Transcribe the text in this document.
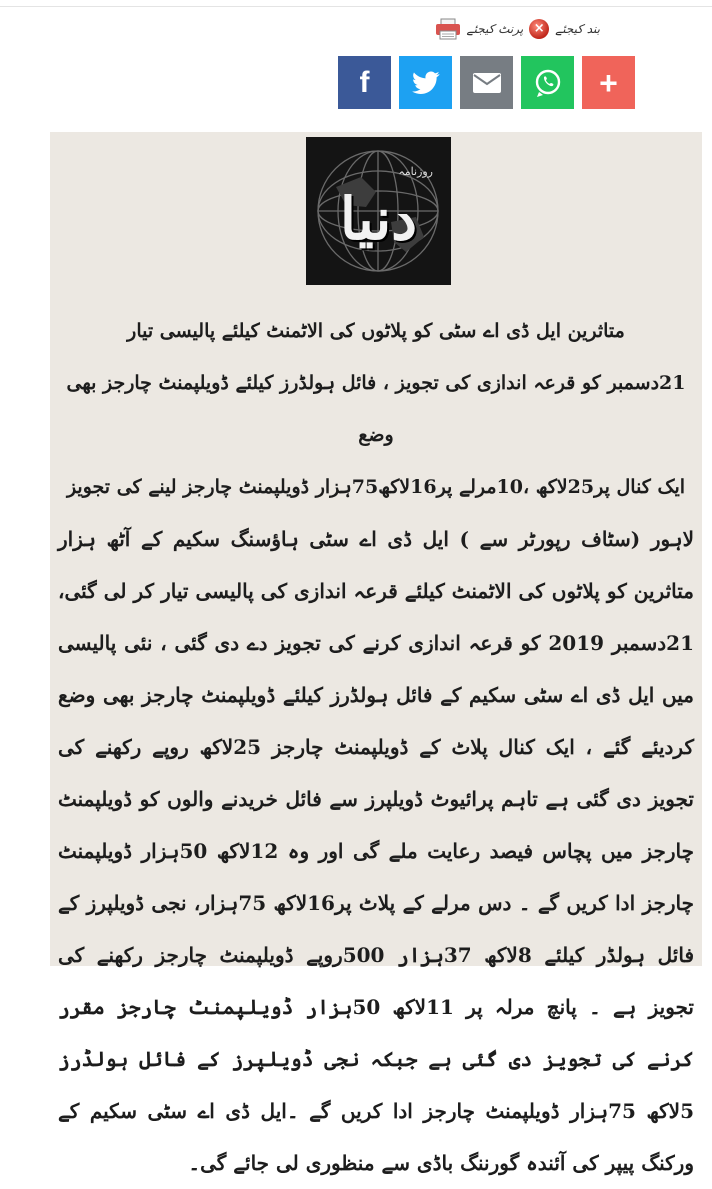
بند کیجئے
×
پرنٹ کیجئے
f	+
روزنامہ
دنیا
متاثرین ایل ڈی اے سٹی کو پلاٹوں کی الاٹمنٹ کیلئے پالیسی تیار
21دسمبر کو قرعہ اندازی کی تجویز ، فائل ہولڈرز کیلئے ڈویلپمنٹ چارجز بھی وضع
ایک کنال پر25لاکھ ،10مرلے پر16لاکھ75ہزار ڈویلپمنٹ چارجز لینے کی تجویز
لاہور (سٹاف رپورٹر سے ) ایل ڈی اے سٹی ہاؤسنگ سکیم کے آٹھ ہزار متاثرین کو پلاٹوں کی الاٹمنٹ کیلئے قرعہ اندازی کی پالیسی تیار کر لی گئی، 21دسمبر 2019 کو قرعہ اندازی کرنے کی تجویز دے دی گئی ، نئی پالیسی میں ایل ڈی اے سٹی سکیم کے فائل ہولڈرز کیلئے ڈویلپمنٹ چارجز بھی وضع کردیئے گئے ، ایک کنال پلاٹ کے ڈویلپمنٹ چارجز 25لاکھ روپے رکھنے کی تجویز دی گئی ہے تاہم پرائیوٹ ڈویلپرز سے فائل خریدنے والوں کو ڈویلپمنٹ چارجز میں پچاس فیصد رعایت ملے گی اور وہ 12لاکھ 50ہزار ڈویلپمنٹ چارجز ادا کریں گے ۔ دس مرلے کے پلاٹ پر16لاکھ 75ہزار، نجی ڈویلپرز کے فائل ہولڈر کیلئے 8لاکھ 37ہزار 500روپے ڈویلپمنٹ چارجز رکھنے کی تجویز ہے ۔ پانچ مرلہ پر 11لاکھ 50ہزار ڈویلپمنٹ چارجز مقرر کرنے کی تجویز دی گئی ہے جبکہ نجی ڈویلپرز کے فائل ہولڈرز 5لاکھ 75ہزار ڈویلپمنٹ چارجز ادا کریں گے ۔ایل ڈی اے سٹی سکیم کے ورکنگ پیپر کی آئندہ گورننگ باڈی سے منظوری لی جائے گی۔
